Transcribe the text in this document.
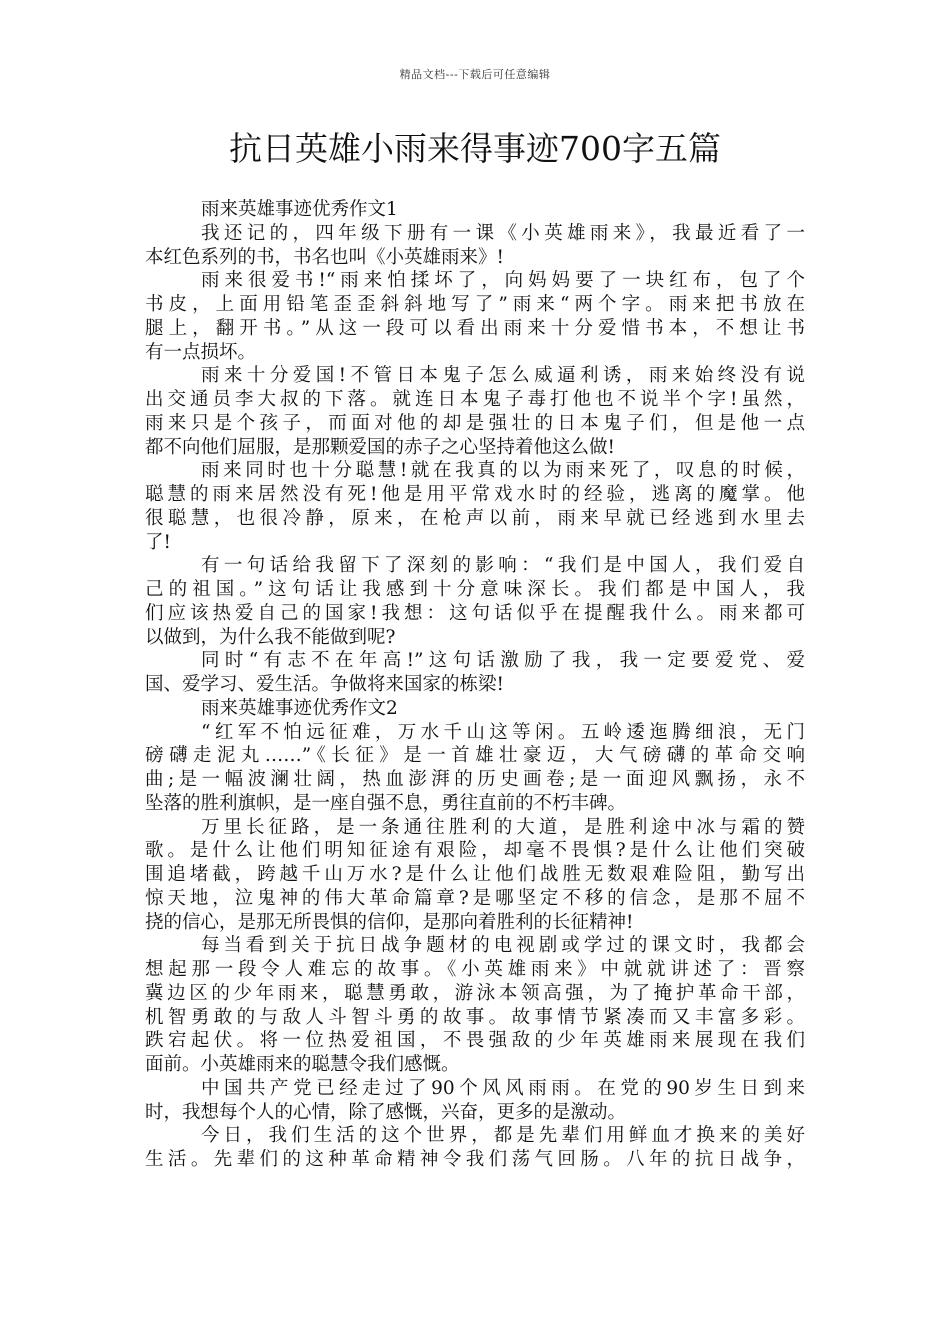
精品文档---下载后可任意编辑
抗日英雄小雨来得事迹700字五篇
雨来英雄事迹优秀作文1
我还记的，四年级下册有一课《小英雄雨来》，我最近看了一
本红色系列的书，书名也叫《小英雄雨来》!
雨来很爱书!“雨来怕揉坏了，向妈妈要了一块红布，包了个
书皮，上面用铅笔歪歪斜斜地写了”雨来“两个字。雨来把书放在
腿上，翻开书。”从这一段可以看出雨来十分爱惜书本，不想让书
有一点损坏。
雨来十分爱国!不管日本鬼子怎么威逼利诱，雨来始终没有说
出交通员李大叔的下落。就连日本鬼子毒打他也不说半个字!虽然，
雨来只是个孩子，而面对他的却是强壮的日本鬼子们，但是他一点
都不向他们屈服，是那颗爱国的赤子之心坚持着他这么做!
雨来同时也十分聪慧!就在我真的以为雨来死了，叹息的时候，
聪慧的雨来居然没有死!他是用平常戏水时的经验，逃离的魔掌。他
很聪慧，也很冷静，原来，在枪声以前，雨来早就已经逃到水里去
了!
有一句话给我留下了深刻的影响：“我们是中国人，我们爱自
己的祖国。”这句话让我感到十分意味深长。我们都是中国人，我
们应该热爱自己的国家!我想：这句话似乎在提醒我什么。雨来都可
以做到，为什么我不能做到呢?
同时“有志不在年高!”这句话激励了我，我一定要爱党、爱
国、爱学习、爱生活。争做将来国家的栋梁!
雨来英雄事迹优秀作文2
“红军不怕远征难，万水千山这等闲。五岭逶迤腾细浪，无门
磅礴走泥丸……”《长征》是一首雄壮豪迈，大气磅礴的革命交响
曲;是一幅波澜壮阔，热血澎湃的历史画卷;是一面迎风飘扬，永不
坠落的胜利旗帜，是一座自强不息，勇往直前的不朽丰碑。
万里长征路，是一条通往胜利的大道，是胜利途中冰与霜的赞
歌。是什么让他们明知征途有艰险，却毫不畏惧?是什么让他们突破
围追堵截，跨越千山万水?是什么让他们战胜无数艰难险阻，勤写出
惊天地，泣鬼神的伟大革命篇章?是哪坚定不移的信念，是那不屈不
挠的信心，是那无所畏惧的信仰，是那向着胜利的长征精神!
每当看到关于抗日战争题材的电视剧或学过的课文时，我都会
想起那一段令人难忘的故事。《小英雄雨来》中就就讲述了：晋察
冀边区的少年雨来，聪慧勇敢，游泳本领高强，为了掩护革命干部，
机智勇敢的与敌人斗智斗勇的故事。故事情节紧凑而又丰富多彩。
跌宕起伏。将一位热爱祖国，不畏强敌的少年英雄雨来展现在我们
面前。小英雄雨来的聪慧令我们感慨。
中国共产党已经走过了90个风风雨雨。在党的90岁生日到来
时，我想每个人的心情，除了感慨，兴奋，更多的是激动。
今日，我们生活的这个世界，都是先辈们用鲜血才换来的美好
生活。先辈们的这种革命精神令我们荡气回肠。八年的抗日战争，
